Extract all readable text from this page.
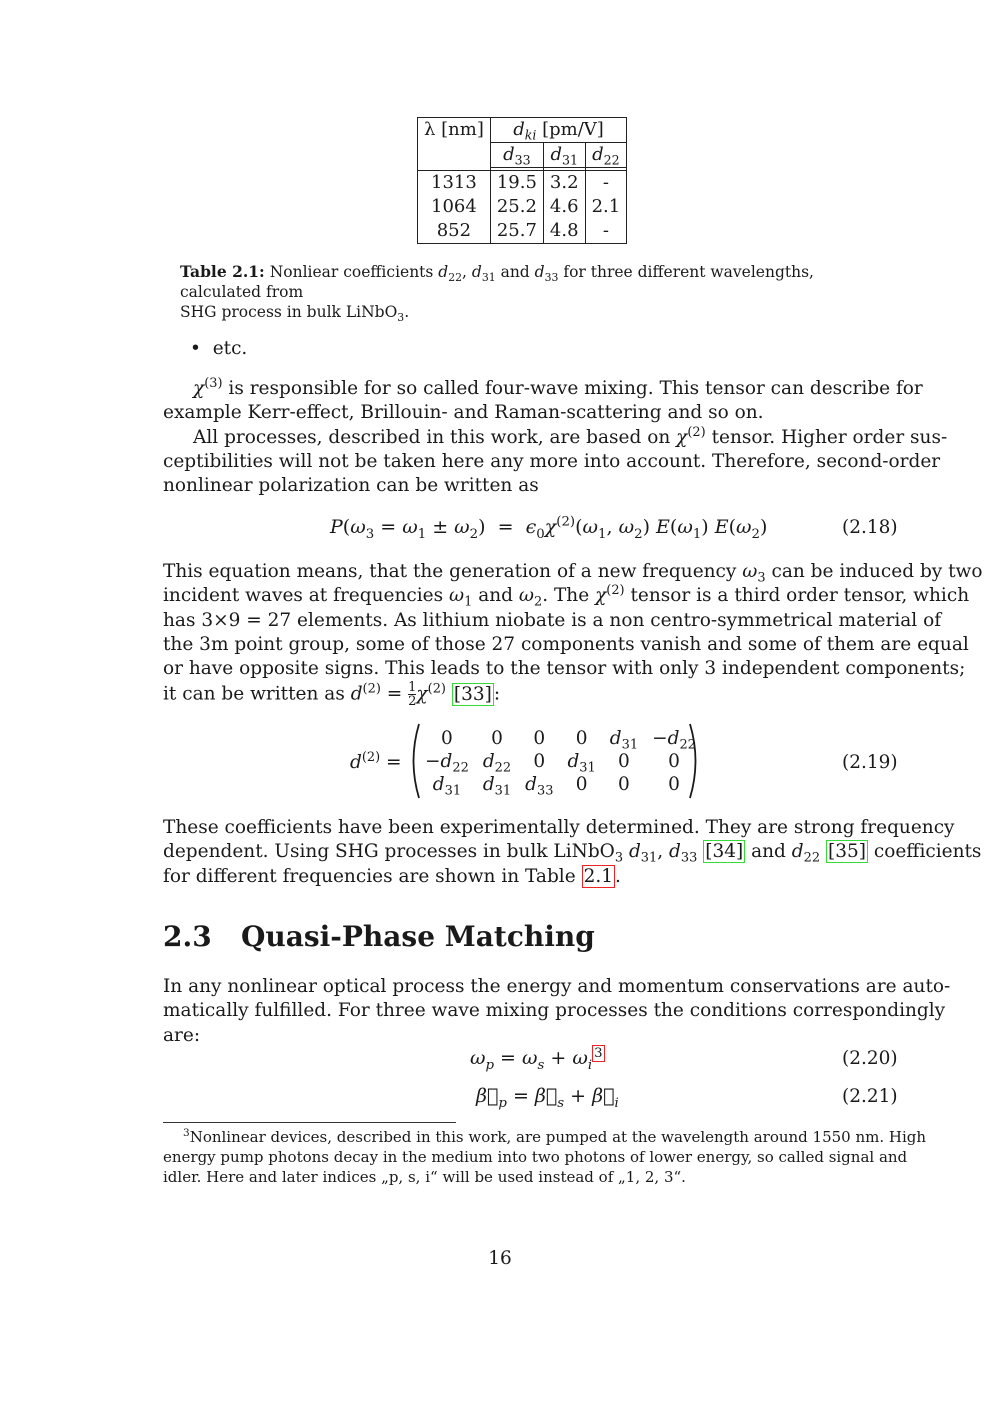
λ [nm]	$d_{ki}$ [pm/V]		
	$d_{33}$	$d_{31}$	$d_{22}$

1313	19.5	3.2	-
1064	25.2	4.6	2.1
852	25.7	4.8	-
Table 2.1: Nonliear coefficients $d_{22}$, $d_{31}$ and $d_{33}$ for three different wavelengths, calculated from
SHG process in bulk LiNbO$_3$.
• etc.
$\chi^{(3)}$ is responsible for so called four-wave mixing. This tensor can describe for
example Kerr-effect, Brillouin- and Raman-scattering and so on.
All processes, described in this work, are based on $\chi^{(2)}$ tensor. Higher order sus-
ceptibilities will not be taken here any more into account. Therefore, second-order
nonlinear polarization can be written as
$P(\omega_3 = \omega_1 \pm \omega_2) = \epsilon_0\chi^{(2)}(\omega_1$, $\omega_2$) $E(\omega_1)$ $E(\omega_2)$	(2.18)
This equation means, that the generation of a new frequency $\omega_3$ can be induced by two
incident waves at frequencies $\omega_1$ and $\omega_2$. The $\chi^{(2)}$ tensor is a third order tensor, which
has 3×9 = 27 elements. As lithium niobate is a non centro-symmetrical material of
the 3m point group, some of those 27 components vanish and some of them are equal
or have opposite signs. This leads to the tensor with only 3 independent components;
it can be written as $d^{(2)} = \frac{1}{2} \chi^{(2)}$ [33] :
$d^{(2)}$ =
0	0	0	0	$d_{31}$	$-d_{22}$
$-d_{22}$	$d_{22}$	0	$d_{31}$	0	0
$d_{31}$	$d_{31}$	$d_{33}$	0	0	0
(2.19)
These coefficients have been experimentally determined. They are strong frequency
dependent. Using SHG processes in bulk LiNbO$_3$ $d_{31}$, $d_{33}$ [34] and $d_{22}$ [35] coefficients
for different frequencies are shown in Table 2.1 .
2.3 Quasi-Phase Matching
In any nonlinear optical process the energy and momentum conservations are auto-
matically fulfilled. For three wave mixing processes the conditions correspondingly
are:
$\omega_p = \omega_s + \omega_i^3$	(2.20)
$\beta⃗_p$ = $\beta⃗_s$ + $\beta⃗_i$	(2.21)
$^3$Nonlinear devices, described in this work, are pumped at the wavelength around 1550 nm. High
energy pump photons decay in the medium into two photons of lower energy, so called signal and
idler. Here and later indices „p, s, i“ will be used instead of „1, 2, 3“.
16
